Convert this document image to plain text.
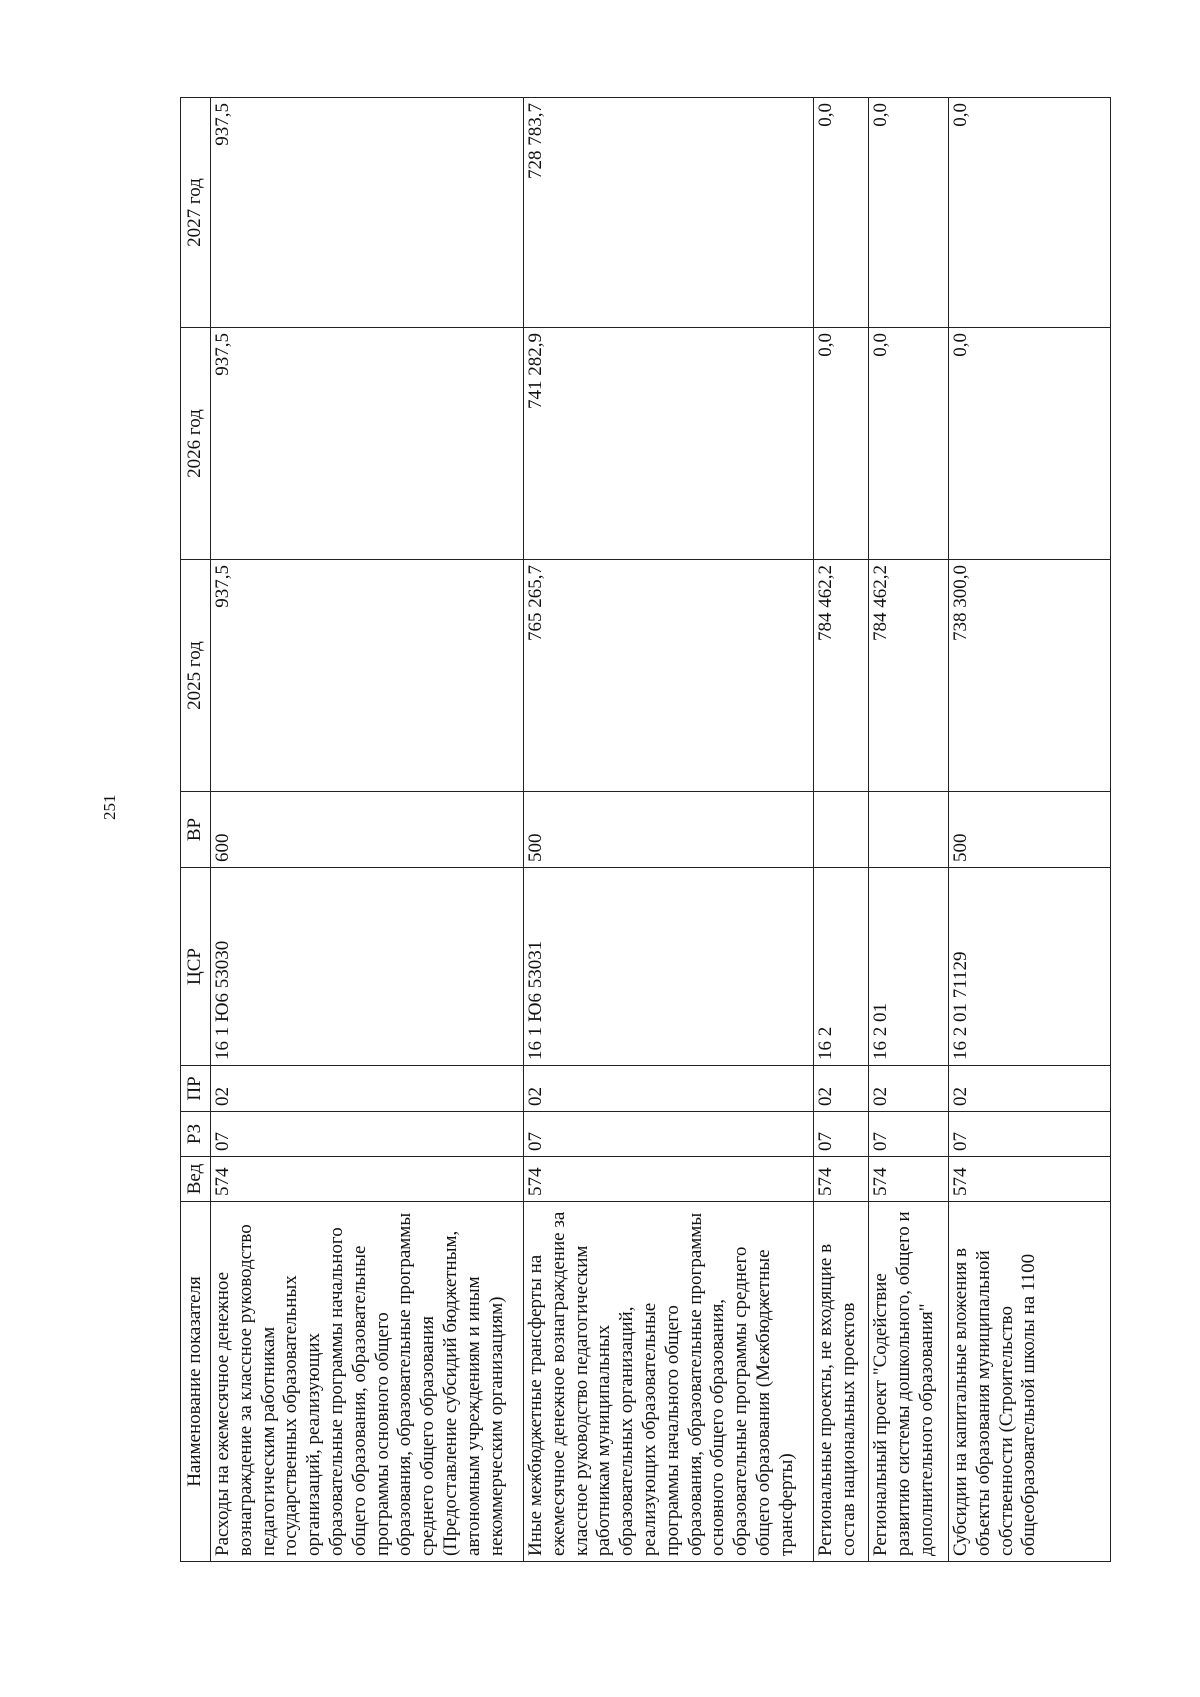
251
Наименование показателя	Вед	РЗ	ПР	ЦСР	ВР	2025 год	2026 год	2027 год
Расходы на ежемесячное денежное вознаграждение за классное руководство педагогическим работникам государственных образовательных организаций, реализующих образовательные программы начального общего образования, образовательные программы основного общего образования, образовательные программы среднего общего образования (Предоставление субсидий бюджетным, автономным учреждениям и иным некоммерческим организациям)	574	07	02	16 1 Ю6 53030	600	937,5	937,5	937,5
Иные межбюджетные трансферты на ежемесячное денежное вознаграждение за классное руководство педагогическим работникам муниципальных образовательных организаций, реализующих образовательные программы начального общего образования, образовательные программы основного общего образования, образовательные программы среднего общего образования (Межбюджетные трансферты)	574	07	02	16 1 Ю6 53031	500	765 265,7	741 282,9	728 783,7
Региональные проекты, не входящие в состав национальных проектов	574	07	02	16 2		784 462,2	0,0	0,0
Региональный проект "Содействие развитию системы дошкольного, общего и дополнительного образования"	574	07	02	16 2 01		784 462,2	0,0	0,0
Субсидии на капитальные вложения в объекты образования муниципальной собственности (Строительство общеобразовательной школы на 1100	574	07	02	16 2 01 71129	500	738 300,0	0,0	0,0
